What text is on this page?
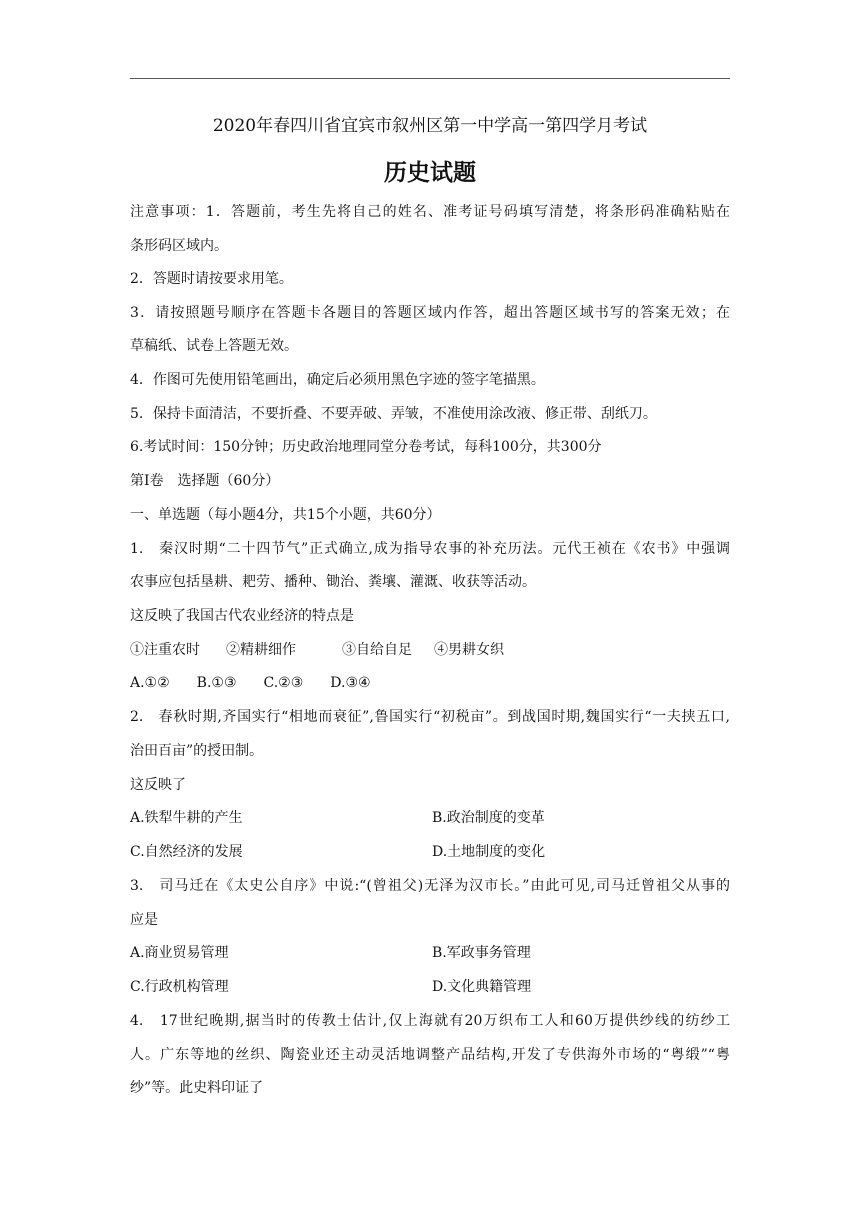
2020年春四川省宜宾市叙州区第一中学高一第四学月考试
历史试题
注意事项：1．答题前，考生先将自己的姓名、准考证号码填写清楚，将条形码准确粘贴在
条形码区域内。
2．答题时请按要求用笔。
3．请按照题号顺序在答题卡各题目的答题区域内作答，超出答题区域书写的答案无效；在
草稿纸、试卷上答题无效。
4．作图可先使用铅笔画出，确定后必须用黑色字迹的签字笔描黑。
5．保持卡面清洁，不要折叠、不要弄破、弄皱，不准使用涂改液、修正带、刮纸刀。
6.考试时间：150分钟；历史政治地理同堂分卷考试，每科100分，共300分
第I卷　选择题（60分）
一、单选题（每小题4分，共15个小题，共60分）
1.　秦汉时期“二十四节气”正式确立,成为指导农事的补充历法。元代王祯在《农书》中强调
农事应包括垦耕、耙劳、播种、锄治、粪壤、灌溉、收获等活动。
这反映了我国古代农业经济的特点是
①注重农时 ②精耕细作	③自给自足 ④男耕女织
A.①② B.①③ C.②③ D.③④
2.　春秋时期,齐国实行“相地而衰征”,鲁国实行“初税亩”。到战国时期,魏国实行“一夫挟五口,
治田百亩”的授田制。
这反映了
A.铁犁牛耕的产生	B.政治制度的变革
C.自然经济的发展	D.土地制度的变化
3.　司马迁在《太史公自序》中说:“(曾祖父)无泽为汉市长。”由此可见,司马迁曾祖父从事的
应是
A.商业贸易管理	B.军政事务管理
C.行政机构管理	D.文化典籍管理
4.　17世纪晚期,据当时的传教士估计,仅上海就有20万织布工人和60万提供纱线的纺纱工
人。广东等地的丝织、陶瓷业还主动灵活地调整产品结构,开发了专供海外市场的“粤缎”“粤
纱”等。此史料印证了
